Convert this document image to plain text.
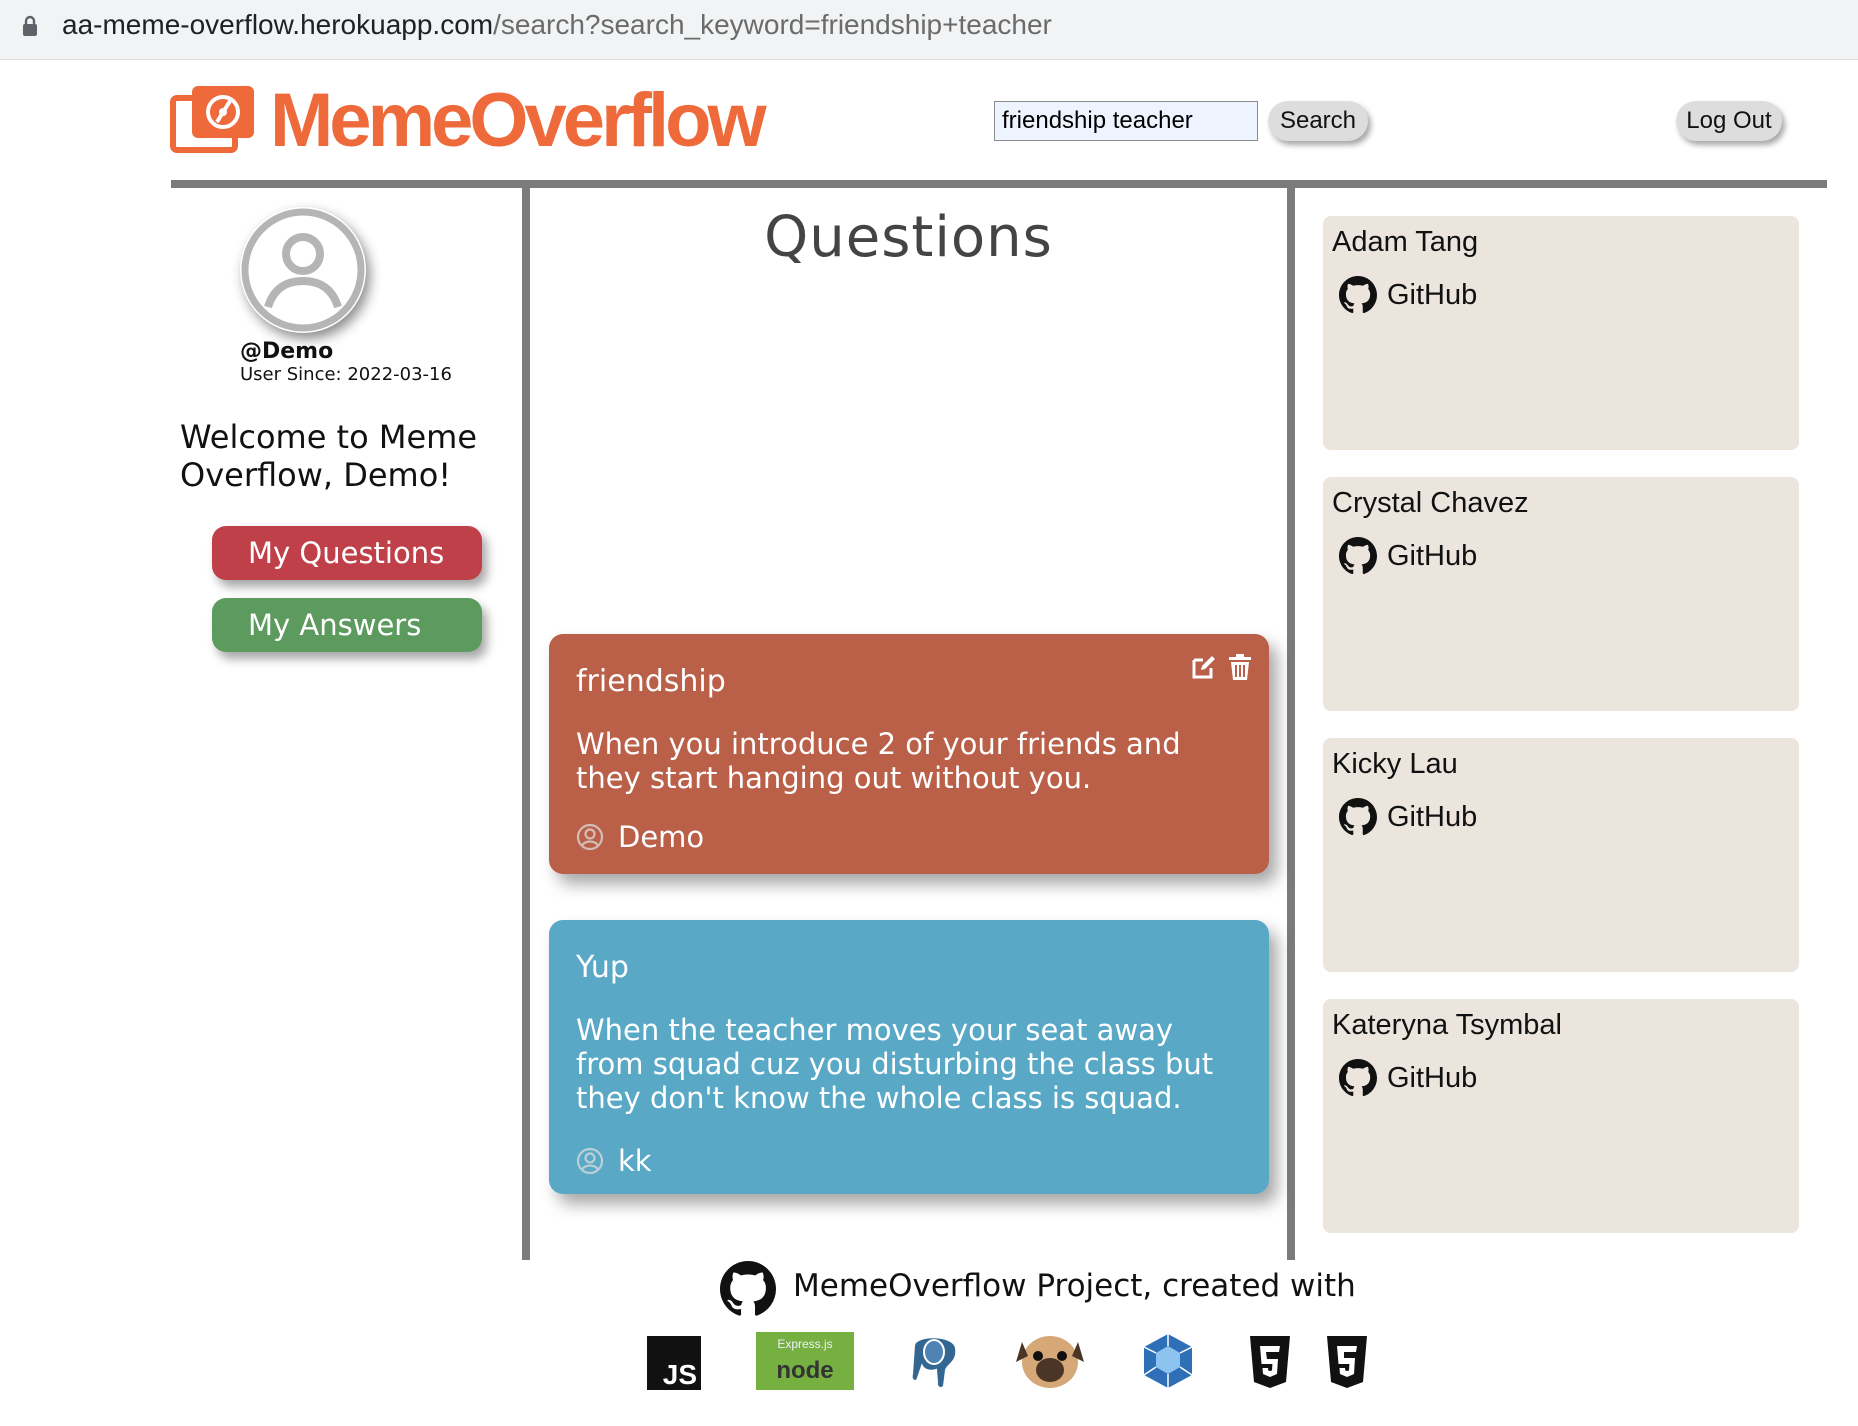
aa-meme-overflow.herokuapp.com/search?search_keyword=friendship+teacher
MemeOverflow
friendship teacher	Search	Log Out
@Demo
User Since: 2022-03-16
Welcome to Meme Overflow, Demo!
My Questions
My Answers
Questions
friendship
When you introduce 2 of your friends and they start hanging out without you.
Demo
Yup
When the teacher moves your seat away from squad cuz you disturbing the class but they don't know the whole class is squad.
kk
Adam Tang
GitHub
Crystal Chavez
GitHub
Kicky Lau
GitHub
Kateryna Tsymbal
GitHub
MemeOverflow Project, created with
JS
Express.js
node
